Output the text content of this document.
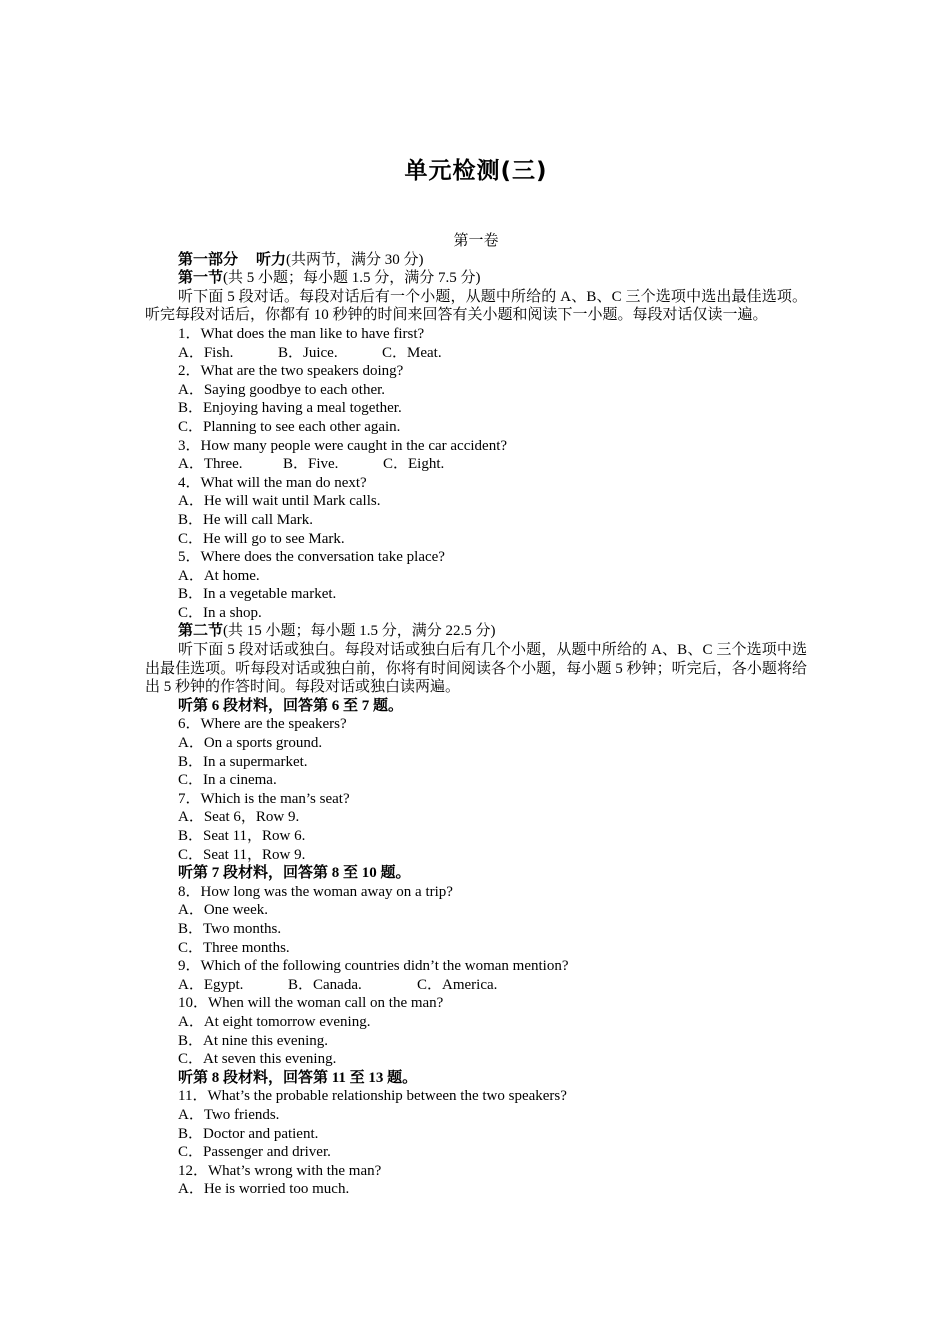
单元检测(三)
第一卷
第一部分 听力(共两节，满分 30 分)
第一节(共 5 小题；每小题 1.5 分，满分 7.5 分)
听下面 5 段对话。每段对话后有一个小题，从题中所给的 A、B、C 三个选项中选出最佳选项。听完每段对话后，你都有 10 秒钟的时间来回答有关小题和阅读下一小题。每段对话仅读一遍。
1．What does the man like to have first?
A．Fish.	B．Juice.	C．Meat.
2．What are the two speakers doing?
A．Saying goodbye to each other.
B．Enjoying having a meal together.
C．Planning to see each other again.
3．How many people were caught in the car accident?
A．Three.	B．Five.	C．Eight.
4．What will the man do next?
A．He will wait until Mark calls.
B．He will call Mark.
C．He will go to see Mark.
5．Where does the conversation take place?
A．At home.
B．In a vegetable market.
C．In a shop.
第二节(共 15 小题；每小题 1.5 分，满分 22.5 分)
听下面 5 段对话或独白。每段对话或独白后有几个小题，从题中所给的 A、B、C 三个选项中选出最佳选项。听每段对话或独白前，你将有时间阅读各个小题，每小题 5 秒钟；听完后，各小题将给出 5 秒钟的作答时间。每段对话或独白读两遍。
听第 6 段材料，回答第 6 至 7 题。
6．Where are the speakers?
A．On a sports ground.
B．In a supermarket.
C．In a cinema.
7．Which is the man’s seat?
A．Seat 6，Row 9.
B．Seat 11，Row 6.
C．Seat 11，Row 9.
听第 7 段材料，回答第 8 至 10 题。
8．How long was the woman away on a trip?
A．One week.
B．Two months.
C．Three months.
9．Which of the following countries didn’t the woman mention?
A．Egypt.	B．Canada.	C．America.
10．When will the woman call on the man?
A．At eight tomorrow evening.
B．At nine this evening.
C．At seven this evening.
听第 8 段材料，回答第 11 至 13 题。
11．What’s the probable relationship between the two speakers?
A．Two friends.
B．Doctor and patient.
C．Passenger and driver.
12．What’s wrong with the man?
A．He is worried too much.
